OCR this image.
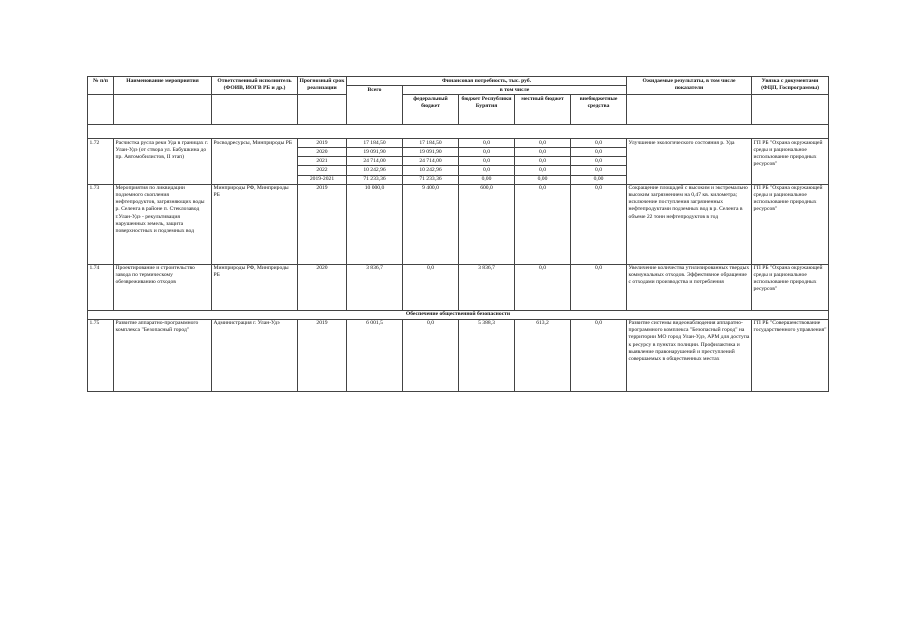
№ п/п	Наименование мероприятия	Ответственный исполнитель (ФОИВ, ИОГВ РБ и др.)	Прогнозный срок реализации	Финансовая потребность, тыс. руб.					Ожидаемые результаты, в том числе показатели	Увязка с документами (ФЦП, Госпрограммы)
				Всего	в том числе					
					федеральный бюджет	бюджет Республики Бурятия	местный бюджет	внебюджетные средства		

1.72	Расчистка русла реки Уда в границах г. Улан-Удэ (от створа ул. Бабушкина до пр. Автомобилистов, II этап)	Росводресурсы, Минприроды РБ	2019	17 184,50	17 184,50	0,0	0,0	0,0	Улучшение экологического состояния р. Уда	ГП РБ "Охрана окружающей среды и рациональное использование природных ресурсов"
			2020	19 091,90	19 091,90	0,0	0,0	0,0		
			2021	24 714,00	24 714,00	0,0	0,0	0,0		
			2022	10 242,96	10 242,96	0,0	0,0	0,0		
			2019-2021	71 233,36	71 233,36	0,00	0,00	0,00		
1.73	Мероприятия по ликвидации подземного скопления нефтепродуктов, загрязняющих воды р. Селенга в районе п. Стеклозавод г.Улан-Удэ - рекультивация нарушенных земель, защита поверхностных и подземных вод	Минприроды РФ, Минприроды РБ	2019	10 000,0	9 400,0	600,0	0,0	0,0	Сокращение площадей с высоким и экстремально высоким загрязнением на 0,47 кв. километра; исключение поступления загрязненных нефтепродуктами подземных вод в р. Селенга в объеме 22 тонн нефтепродуктов в год	ГП РБ "Охрана окружающей среды и рациональное использование природных ресурсов"
1.74	Проектирование и строительство завода по термическому обезвреживанию отходов	Минприроды РФ, Минприроды РБ	2020	3 836,7	0,0	3 836,7	0,0	0,0	Увеличение количества утилизированных твердых коммунальных отходов. Эффективное обращение с отходами производства и потребления	ГП РБ "Охрана окружающей среды и рациональное использование природных ресурсов"
Обеспечение общественной безопасности										
1.75	Развитие аппаратно-программного комплекса "Безопасный город"	Администрация г. Улан-Удэ	2019	6 001,5	0,0	5 388,3	613,2	0,0	Развитие системы видеонаблюдения аппаратно-программного комплекса "Безопасный город" на территории МО город Улан-Удэ, АРМ для доступа к ресурсу в пунктах полиции. Профилактика и выявление правонарушений и преступлений совершаемых в общественных местах	ГП РБ "Совершенствование государственного управления"
